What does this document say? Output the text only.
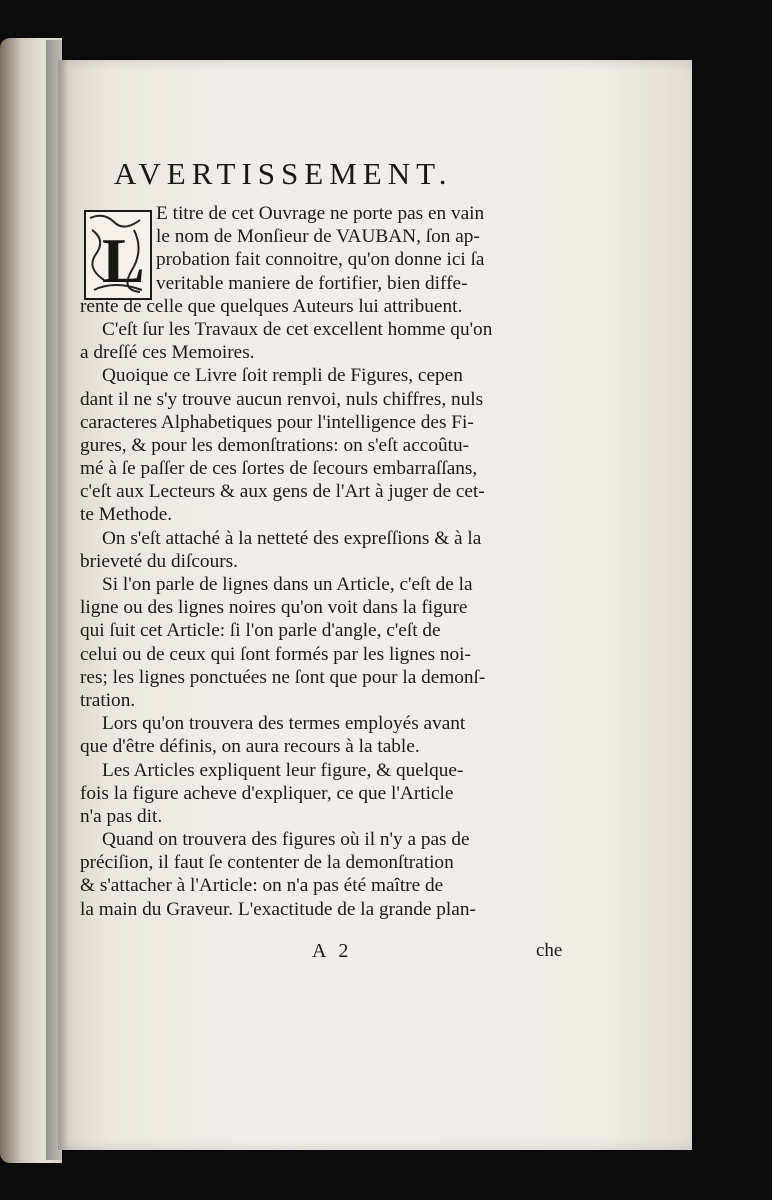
AVERTISSEMENT.
L
E titre de cet Ouvrage ne porte pas en vain
le nom de Monſieur de VAUBAN, ſon ap-
probation fait connoitre, qu'on donne ici ſa
veritable maniere de fortifier, bien diffe-
rente de celle que quelques Auteurs lui attribuent.
C'eſt ſur les Travaux de cet excellent homme qu'on
a dreſſé ces Memoires.
Quoique ce Livre ſoit rempli de Figures, cepen
dant il ne s'y trouve aucun renvoi, nuls chiffres, nuls
caracteres Alphabetiques pour l'intelligence des Fi-
gures, & pour les demonſtrations: on s'eſt accoûtu-
mé à ſe paſſer de ces ſortes de ſecours embarraſſans,
c'eſt aux Lecteurs & aux gens de l'Art à juger de cet-
te Methode.
On s'eſt attaché à la netteté des expreſſions & à la
brieveté du diſcours.
Si l'on parle de lignes dans un Article, c'eſt de la
ligne ou des lignes noires qu'on voit dans la figure
qui ſuit cet Article: ſi l'on parle d'angle, c'eſt de
celui ou de ceux qui ſont formés par les lignes noi-
res; les lignes ponctuées ne ſont que pour la demonſ-
tration.
Lors qu'on trouvera des termes employés avant
que d'être définis, on aura recours à la table.
Les Articles expliquent leur figure, & quelque-
fois la figure acheve d'expliquer, ce que l'Article
n'a pas dit.
Quand on trouvera des figures où il n'y a pas de
préciſion, il faut ſe contenter de la demonſtration
& s'attacher à l'Article: on n'a pas été maître de
la main du Graveur. L'exactitude de la grande plan-
A 2	che
